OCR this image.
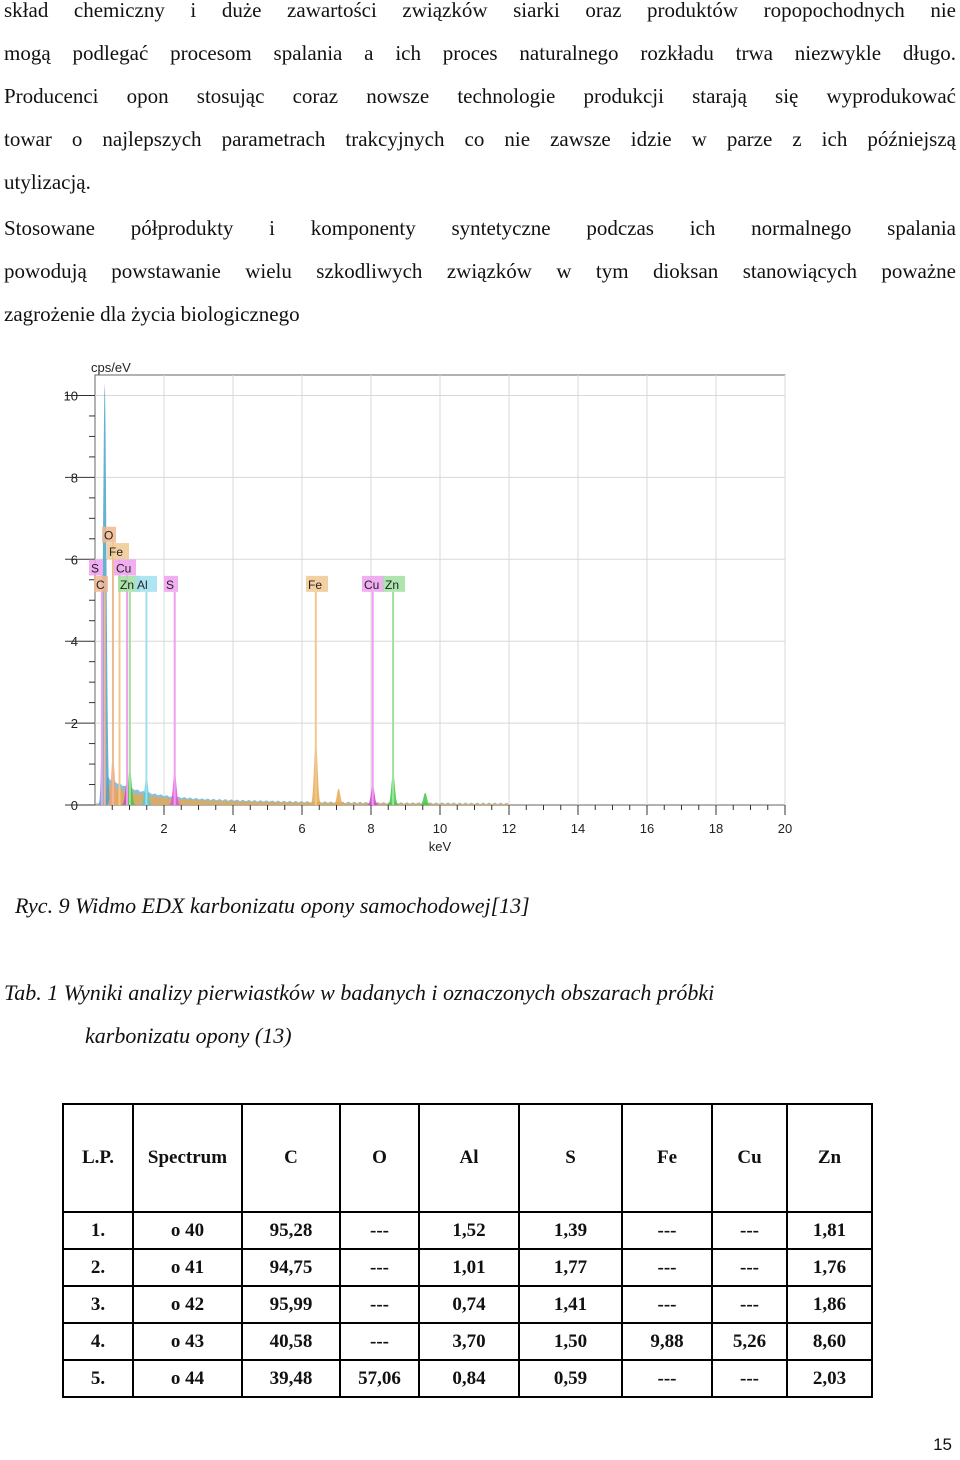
skład chemiczny i duże zawartości związków siarki oraz produktów ropopochodnych nie
mogą podlegać procesom spalania a ich proces naturalnego rozkładu trwa niezwykle długo.
Producenci opon stosując coraz nowsze technologie produkcji starają się wyprodukować
towar o najlepszych parametrach trakcyjnych co nie zawsze idzie w parze z ich późniejszą
utylizacją.
Stosowane półprodukty i komponenty syntetyczne podczas ich normalnego spalania
powodują powstawanie wielu szkodliwych związków w tym dioksan stanowiących poważne
zagrożenie dla życia biologicznego
0
2
4
6
8
10
2	4	6	8	10	12	14	16	18	20
cps/eV
keV
O
Fe
S Cu
C Zn Al S	Fe	Cu Zn

Ryc. 9 Widmo EDX karbonizatu opony samochodowej[13]

Tab. 1 Wyniki analizy pierwiastków w badanych i oznaczonych obszarach próbki

karbonizatu opony (13)

L.P.	Spectrum	C	O	Al	S	Fe	Cu	Zn
1.	o 40	95,28	---	1,52	1,39	---	---	1,81
2.	o 41	94,75	---	1,01	1,77	---	---	1,76
3.	o 42	95,99	---	0,74	1,41	---	---	1,86
4.	o 43	40,58	---	3,70	1,50	9,88	5,26	8,60
5.	o 44	39,48	57,06	0,84	0,59	---	---	2,03
15
